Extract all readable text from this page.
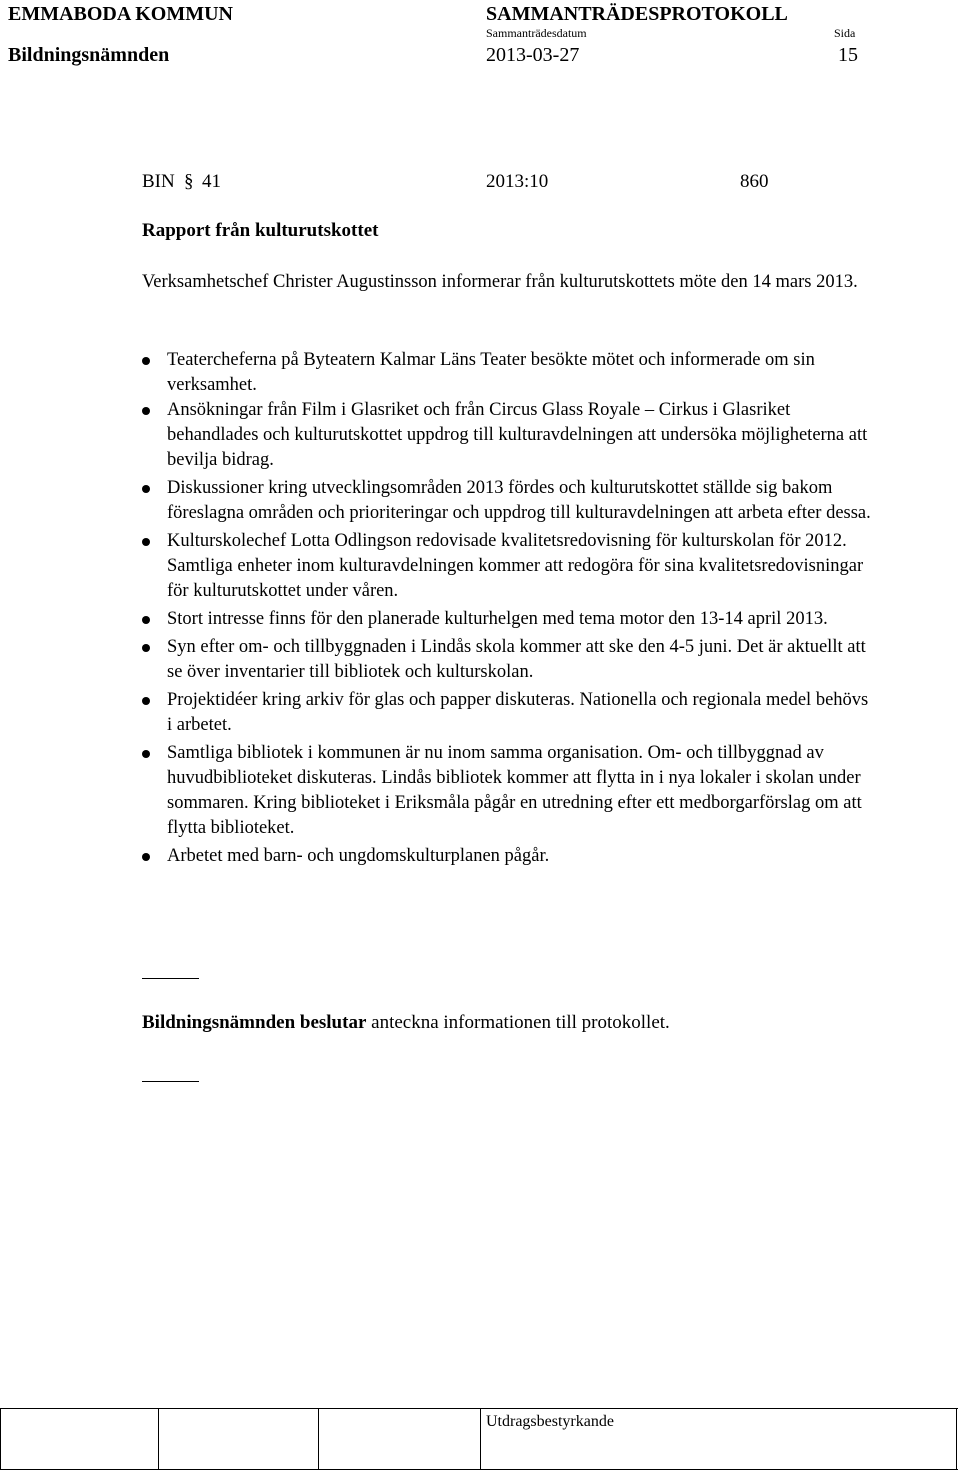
EMMABODA KOMMUN
Bildningsnämnden
SAMMANTRÄDESPROTOKOLL
Sammanträdesdatum
2013-03-27
Sida
15
BIN § 41	2013:10	860
Rapport från kulturutskottet
Verksamhetschef Christer Augustinsson informerar från kulturutskottets möte den 14 mars 2013.
Teatercheferna på Byteatern Kalmar Läns Teater besökte mötet och informerade om sin verksamhet.
Ansökningar från Film i Glasriket och från Circus Glass Royale – Cirkus i Glasriket behandlades och kulturutskottet uppdrog till kulturavdelningen att undersöka möjligheterna att bevilja bidrag.
Diskussioner kring utvecklingsområden 2013 fördes och kulturutskottet ställde sig bakom föreslagna områden och prioriteringar och uppdrog till kulturavdelningen att arbeta efter dessa.
Kulturskolechef Lotta Odlingson redovisade kvalitetsredovisning för kulturskolan för 2012. Samtliga enheter inom kulturavdelningen kommer att redogöra för sina kvalitetsredovisningar för kulturutskottet under våren.
Stort intresse finns för den planerade kulturhelgen med tema motor den 13-14 april 2013.
Syn efter om- och tillbyggnaden i Lindås skola kommer att ske den 4-5 juni. Det är aktuellt att se över inventarier till bibliotek och kulturskolan.
Projektidéer kring arkiv för glas och papper diskuteras. Nationella och regionala medel behövs i arbetet.
Samtliga bibliotek i kommunen är nu inom samma organisation. Om- och tillbyggnad av huvudbiblioteket diskuteras. Lindås bibliotek kommer att flytta in i nya lokaler i skolan under sommaren. Kring biblioteket i Eriksmåla pågår en utredning efter ett medborgarförslag om att flytta biblioteket.
Arbetet med barn- och ungdomskulturplanen pågår.
Bildningsnämnden beslutar anteckna informationen till protokollet.
Utdragsbestyrkande
